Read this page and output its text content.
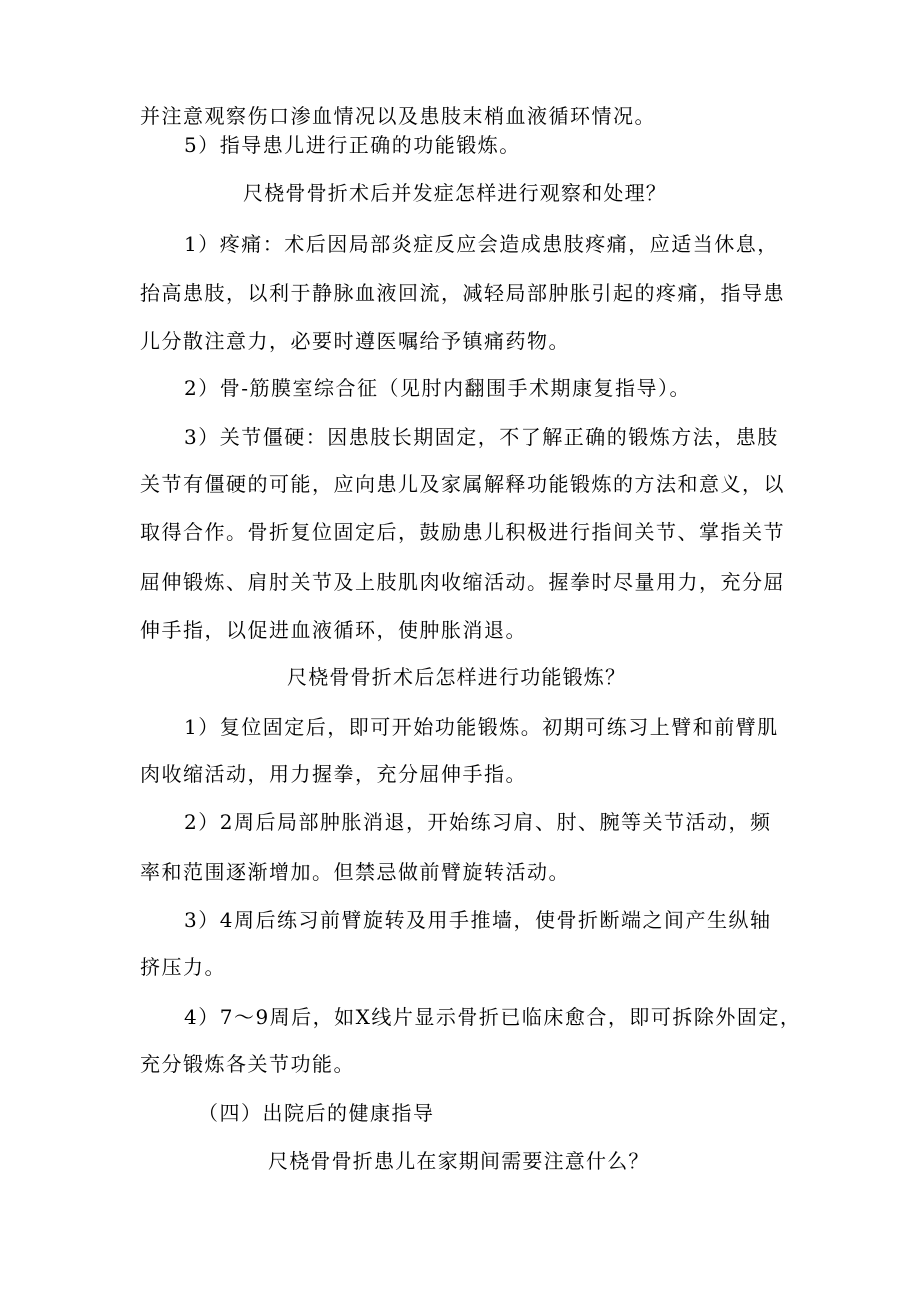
并注意观察伤口渗血情况以及患肢末梢血液循环情况。
5）指导患儿进行正确的功能锻炼。
尺桡骨骨折术后并发症怎样进行观察和处理？
1）疼痛：术后因局部炎症反应会造成患肢疼痛，应适当休息，
抬高患肢，以利于静脉血液回流，减轻局部肿胀引起的疼痛，指导患
儿分散注意力，必要时遵医嘱给予镇痛药物。
2）骨-筋膜室综合征（见肘内翻围手术期康复指导）。
3）关节僵硬：因患肢长期固定，不了解正确的锻炼方法，患肢
关节有僵硬的可能，应向患儿及家属解释功能锻炼的方法和意义，以
取得合作。骨折复位固定后，鼓励患儿积极进行指间关节、掌指关节
屈伸锻炼、肩肘关节及上肢肌肉收缩活动。握拳时尽量用力，充分屈
伸手指，以促进血液循环，使肿胀消退。
尺桡骨骨折术后怎样进行功能锻炼？
1）复位固定后，即可开始功能锻炼。初期可练习上臂和前臂肌
肉收缩活动，用力握拳，充分屈伸手指。
2）2周后局部肿胀消退，开始练习肩、肘、腕等关节活动，频
率和范围逐渐增加。但禁忌做前臂旋转活动。
3）4周后练习前臂旋转及用手推墙，使骨折断端之间产生纵轴
挤压力。
4）7～9周后，如X线片显示骨折已临床愈合，即可拆除外固定，
充分锻炼各关节功能。
（四）出院后的健康指导
尺桡骨骨折患儿在家期间需要注意什么？
